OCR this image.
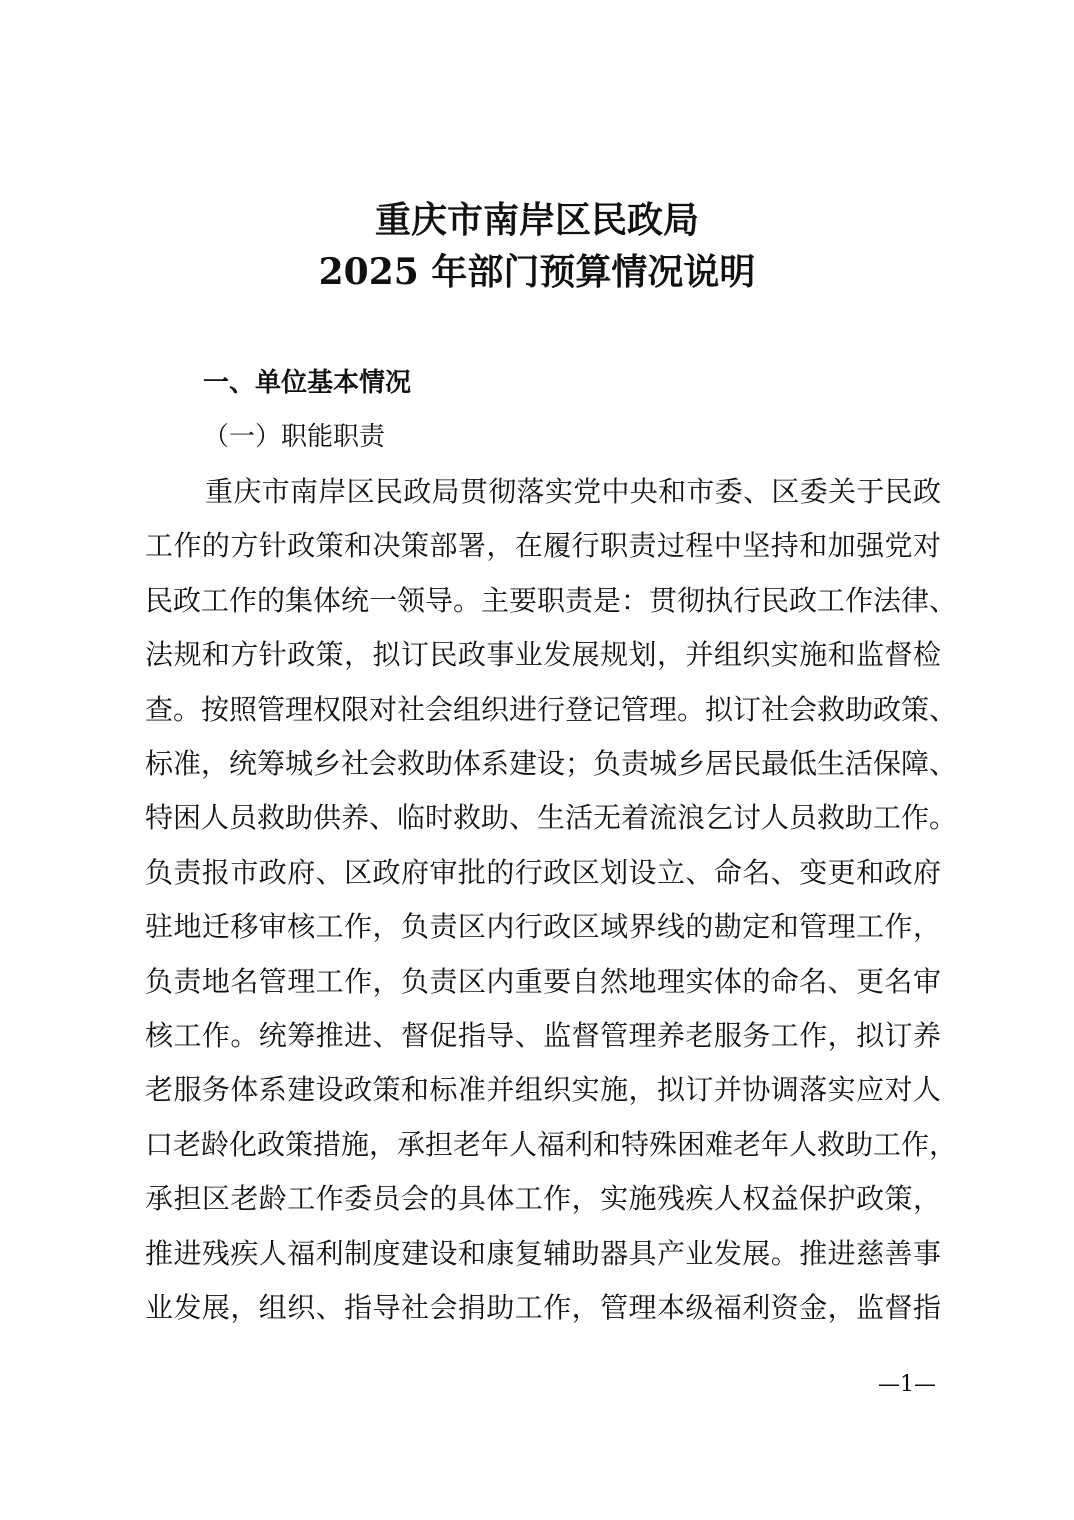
重庆市南岸区民政局
2025 年部门预算情况说明
一、单位基本情况
（一）职能职责
重庆市南岸区民政局贯彻落实党中央和市委、区委关于民政
工作的方针政策和决策部署，在履行职责过程中坚持和加强党对
民政工作的集体统一领导。主要职责是：贯彻执行民政工作法律、
法规和方针政策，拟订民政事业发展规划，并组织实施和监督检
查。按照管理权限对社会组织进行登记管理。拟订社会救助政策、
标准，统筹城乡社会救助体系建设；负责城乡居民最低生活保障、
特困人员救助供养、临时救助、生活无着流浪乞讨人员救助工作。
负责报市政府、区政府审批的行政区划设立、命名、变更和政府
驻地迁移审核工作，负责区内行政区域界线的勘定和管理工作，
负责地名管理工作，负责区内重要自然地理实体的命名、更名审
核工作。统筹推进、督促指导、监督管理养老服务工作，拟订养
老服务体系建设政策和标准并组织实施，拟订并协调落实应对人
口老龄化政策措施，承担老年人福利和特殊困难老年人救助工作，
承担区老龄工作委员会的具体工作，实施残疾人权益保护政策，
推进残疾人福利制度建设和康复辅助器具产业发展。推进慈善事
业发展，组织、指导社会捐助工作，管理本级福利资金，监督指
—1—
